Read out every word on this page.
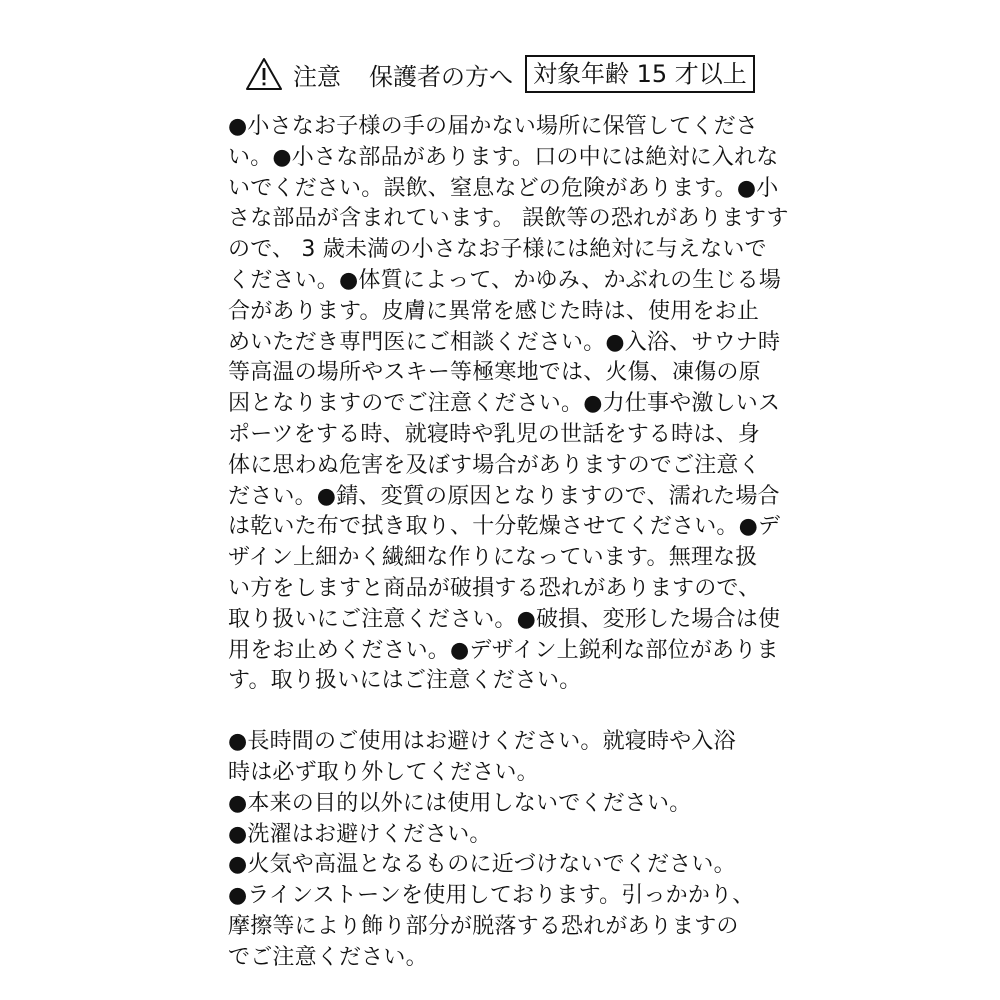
注意 保護者の方へ 対象年齢 15 才以上
●小さなお子様の手の届かない場所に保管してくださ
い。●小さな部品があります。口の中には絶対に入れな
いでください。誤飲、窒息などの危険があります。●小
さな部品が含まれています。 誤飲等の恐れがありますす
ので、 3 歳未満の小さなお子様には絶対に与えないで
ください。●体質によって、かゆみ、かぶれの生じる場
合があります。皮膚に異常を感じた時は、使用をお止
めいただき専門医にご相談ください。●入浴、サウナ時
等高温の場所やスキー等極寒地では、火傷、凍傷の原
因となりますのでご注意ください。●力仕事や激しいス
ポーツをする時、就寝時や乳児の世話をする時は、身
体に思わぬ危害を及ぼす場合がありますのでご注意く
ださい。●錆、変質の原因となりますので、濡れた場合
は乾いた布で拭き取り、十分乾燥させてください。●デ
ザイン上細かく繊細な作りになっています。無理な扱
い方をしますと商品が破損する恐れがありますので、
取り扱いにご注意ください。●破損、変形した場合は使
用をお止めください。●デザイン上鋭利な部位がありま
す。取り扱いにはご注意ください。
●長時間のご使用はお避けください。就寝時や入浴
時は必ず取り外してください。
●本来の目的以外には使用しないでください。
●洗濯はお避けください。
●火気や高温となるものに近づけないでください。
●ラインストーンを使用しております。引っかかり、
摩擦等により飾り部分が脱落する恐れがありますの
でご注意ください。
